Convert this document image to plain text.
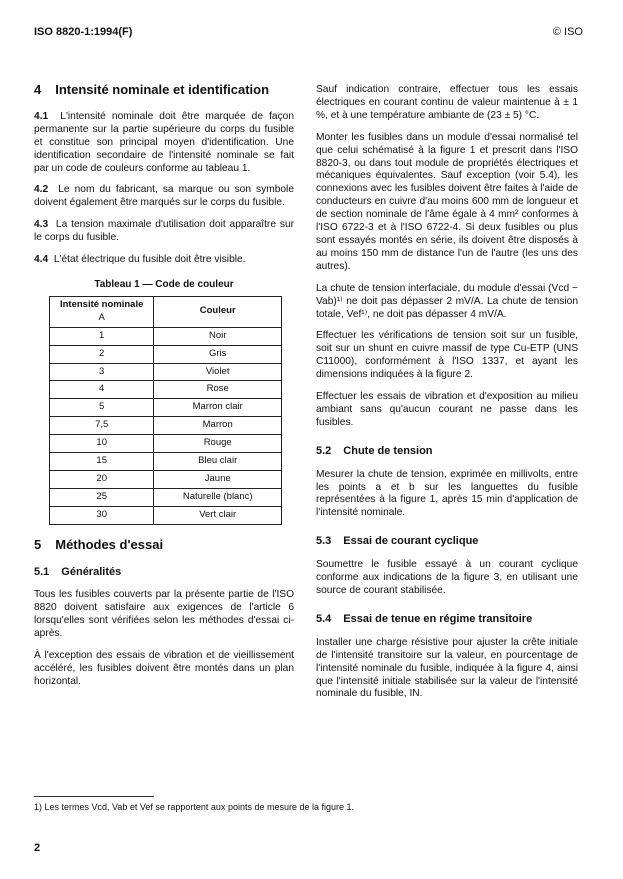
ISO 8820-1:1994(F)	© ISO
4 Intensité nominale et identification

4.1 L'intensité nominale doit être marquée de façon permanente sur la partie supérieure du corps du fusible et constitue son principal moyen d'identification. Une identification secondaire de l'intensité nominale se fait par un code de couleurs conforme au tableau 1.

4.2 Le nom du fabricant, sa marque ou son symbole doivent également être marqués sur le corps du fusible.

4.3 La tension maximale d'utilisation doit apparaître sur le corps du fusible.

4.4 L'état électrique du fusible doit être visible.

Tableau 1 — Code de couleur
Intensité nominale
A	Couleur
1	Noir
2	Gris
3	Violet
4	Rose
5	Marron clair
7,5	Marron
10	Rouge
15	Bleu clair
20	Jaune
25	Naturelle (blanc)
30	Vert clair
5 Méthodes d'essai
5.1 Généralités

Tous les fusibles couverts par la présente partie de l'ISO 8820 doivent satisfaire aux exigences de l'article 6 lorsqu'elles sont vérifiées selon les méthodes d'essai ci-après.

À l'exception des essais de vibration et de vieillissement accéléré, les fusibles doivent être montés dans un plan horizontal.

Sauf indication contraire, effectuer tous les essais électriques en courant continu de valeur maintenue à ± 1 %, et à une température ambiante de (23 ± 5) °C.

Monter les fusibles dans un module d'essai normalisé tel que celui schématisé à la figure 1 et prescrit dans l'ISO 8820-3, ou dans tout module de propriétés électriques et mécaniques équivalentes. Sauf exception (voir 5.4), les connexions avec les fusibles doivent être faites à l'aide de conducteurs en cuivre d'au moins 600 mm de longueur et de section nominale de l'âme égale à 4 mm² conformes à l'ISO 6722-3 et à l'ISO 6722-4. Si deux fusibles ou plus sont essayés montés en série, ils doivent être disposés à au moins 150 mm de distance l'un de l'autre (les uns des autres).

La chute de tension interfaciale, du module d'essai (Vcd − Vab)¹⁾ ne doit pas dépasser 2 mV/A. La chute de tension totale, Vef¹⁾, ne doit pas dépasser 4 mV/A.

Effectuer les vérifications de tension soit sur un fusible, soit sur un shunt en cuivre massif de type Cu-ETP (UNS C11000), conformément à l'ISO 1337, et ayant les dimensions indiquées à la figure 2.

Effectuer les essais de vibration et d'exposition au milieu ambiant sans qu'aucun courant ne passe dans les fusibles.

5.2 Chute de tension

Mesurer la chute de tension, exprimée en millivolts, entre les points a et b sur les languettes du fusible représentées à la figure 1, après 15 min d'application de l'intensité nominale.

5.3 Essai de courant cyclique

Soumettre le fusible essayé à un courant cyclique conforme aux indications de la figure 3, en utilisant une source de courant stabilisée.

5.4 Essai de tenue en régime transitoire

Installer une charge résistive pour ajuster la crête initiale de l'intensité transitoire sur la valeur, en pourcentage de l'intensité nominale du fusible, indiquée à la figure 4, ainsi que l'intensité initiale stabilisée sur la valeur de l'intensité nominale du fusible, IN.

1) Les termes Vcd, Vab et Vef se rapportent aux points de mesure de la figure 1.
2
